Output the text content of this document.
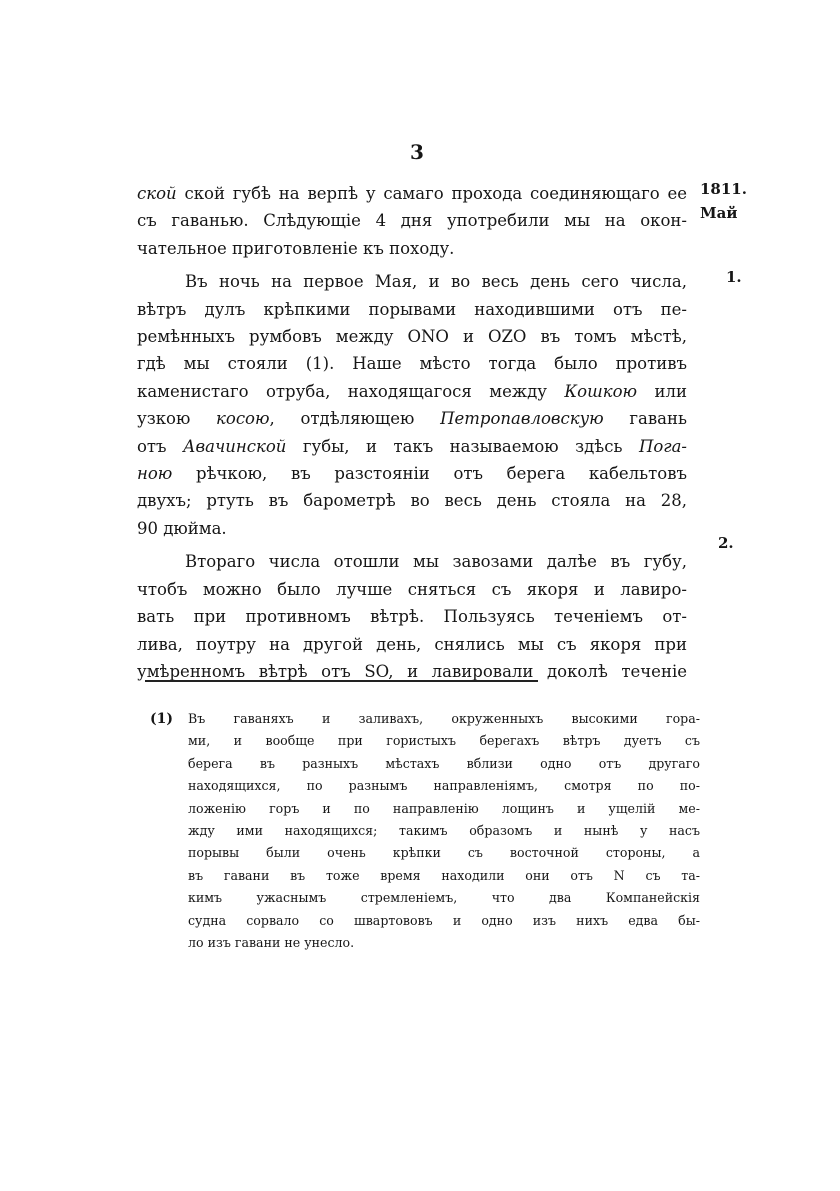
3
1811.
Май
1.
2.
ской ской губѣ на верпѣ у самаго прохода соединяющаго ее
съ гаванью. Слѣдующіе 4 дня употребили мы на окон-
чательное приготовленіе къ походу.
Въ ночь на первое Мая, и во весь день сего числа,
вѣтръ дулъ крѣпкими порывами находившими отъ пе-
ремѣнныхъ румбовъ между ONO и OZO въ томъ мѣстѣ,
гдѣ мы стояли (1). Наше мѣсто тогда было противъ
каменистаго отруба, находящагося между Кошкою или
узкою косою, отдѣляющею Петропавловскую гавань
отъ Авачинской губы, и такъ называемою здѣсь Пога-
ною рѣчкою, въ разстояніи отъ берега кабельтовъ
двухъ; ртуть въ барометрѣ во весь день стояла на 28,
90 дюйма.
Втораго числа отошли мы завозами далѣе въ губу,
чтобъ можно было лучше сняться съ якоря и лавиро-
вать при противномъ вѣтрѣ. Пользуясь теченіемъ от-
лива, поутру на другой день, снялись мы съ якоря при
умѣренномъ вѣтрѣ отъ SO, и лавировали доколѣ теченіе
(1) Въ гаваняхъ и заливахъ, окруженныхъ высокими гора-
ми, и вообще при гористыхъ берегахъ вѣтръ дуетъ съ
берега въ разныхъ мѣстахъ вблизи одно отъ другаго
находящихся, по разнымъ направленіямъ, смотря по по-
ложенію горъ и по направленію лощинъ и ущелій ме-
жду ими находящихся; такимъ образомъ и нынѣ у насъ
порывы были очень крѣпки съ восточной стороны, а
въ гавани въ тоже время находили они отъ N съ та-
кимъ ужаснымъ стремленіемъ, что два Компанейскія
судна сорвало со швартововъ и одно изъ нихъ едва бы-
ло изъ гавани не унесло.
